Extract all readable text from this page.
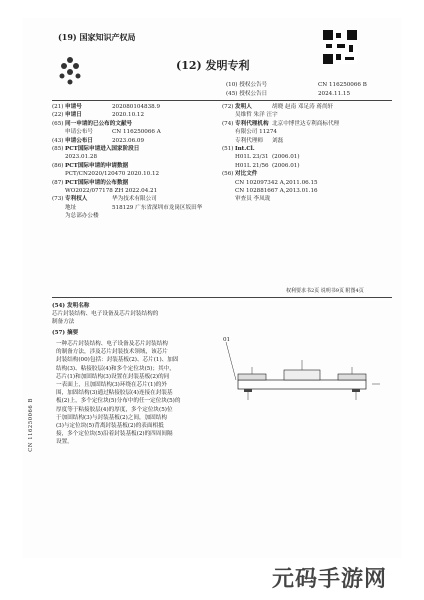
(19) 国家知识产权局
(12) 发明专利
(10) 授权公告号	CN 116250066 B
(45) 授权公告日	2024.11.15
(21) 申请号	202080104838.9
(22) 申请日	2020.10.12
(65) 同一申请的已公布的文献号
申请公布号	CN 116250066 A
(43) 申请公布日	2023.06.09
(85) PCT国际申请进入国家阶段日
2023.01.28
(86) PCT国际申请的申请数据
PCT/CN2020/120470 2020.10.12
(87) PCT国际申请的公布数据
WO2022/077178 ZH 2022.04.21
(73) 专利权人	华为技术有限公司
地址	518129 广东省深圳市龙岗区坂田华
为总部办公楼
(72) 发明人	胡晓 赵南 邓足涛 蒋尚轩
吴维哲 朱洋 汪宇
(74) 专利代理机构 北京中博世达专利商标代理
有限公司 11274
专利代理师 刘磊
(51) Int.Cl.
H01L 23/31 (2006.01)
H01L 21/56 (2006.01)
(56) 对比文件
CN 102097342 A,2011.06.15
CN 102881667 A,2013.01.16
审查员 李凤珑
权利要求书2页 说明书9页 附图4页
(54) 发明名称
芯片封装结构、电子设备及芯片封装结构的
制备方法
(57) 摘要
一种芯片封装结构、电子设备及芯片封装结构
的制备方法，涉及芯片封装技术领域，该芯片
封装结构(00)包括：封装基板(2)、芯片(1)、加固
结构(3)、粘接胶层(4)和多个定位块(5)；其中，
芯片(1)和加固结构(3)设置在封装基板(2)的同
一表面上，且加固结构(3)环绕在芯片(1)的外
围，加固结构(3)通过粘接胶层(4)连接在封装基
板(2)上，多个定位块(5)分布中的任一定位块(5)的
厚度等于粘接胶层(4)的厚度，多个定位块(5)位
于加固结构(3)与封装基板(2)之间，加固结构
(3)与定位块(5)背离封装基板(2)的表面相抵
接，多个定位块(5)沿着封装基板(2)的四周间隔
设置。
01
CN 116250066 B
元码手游网
